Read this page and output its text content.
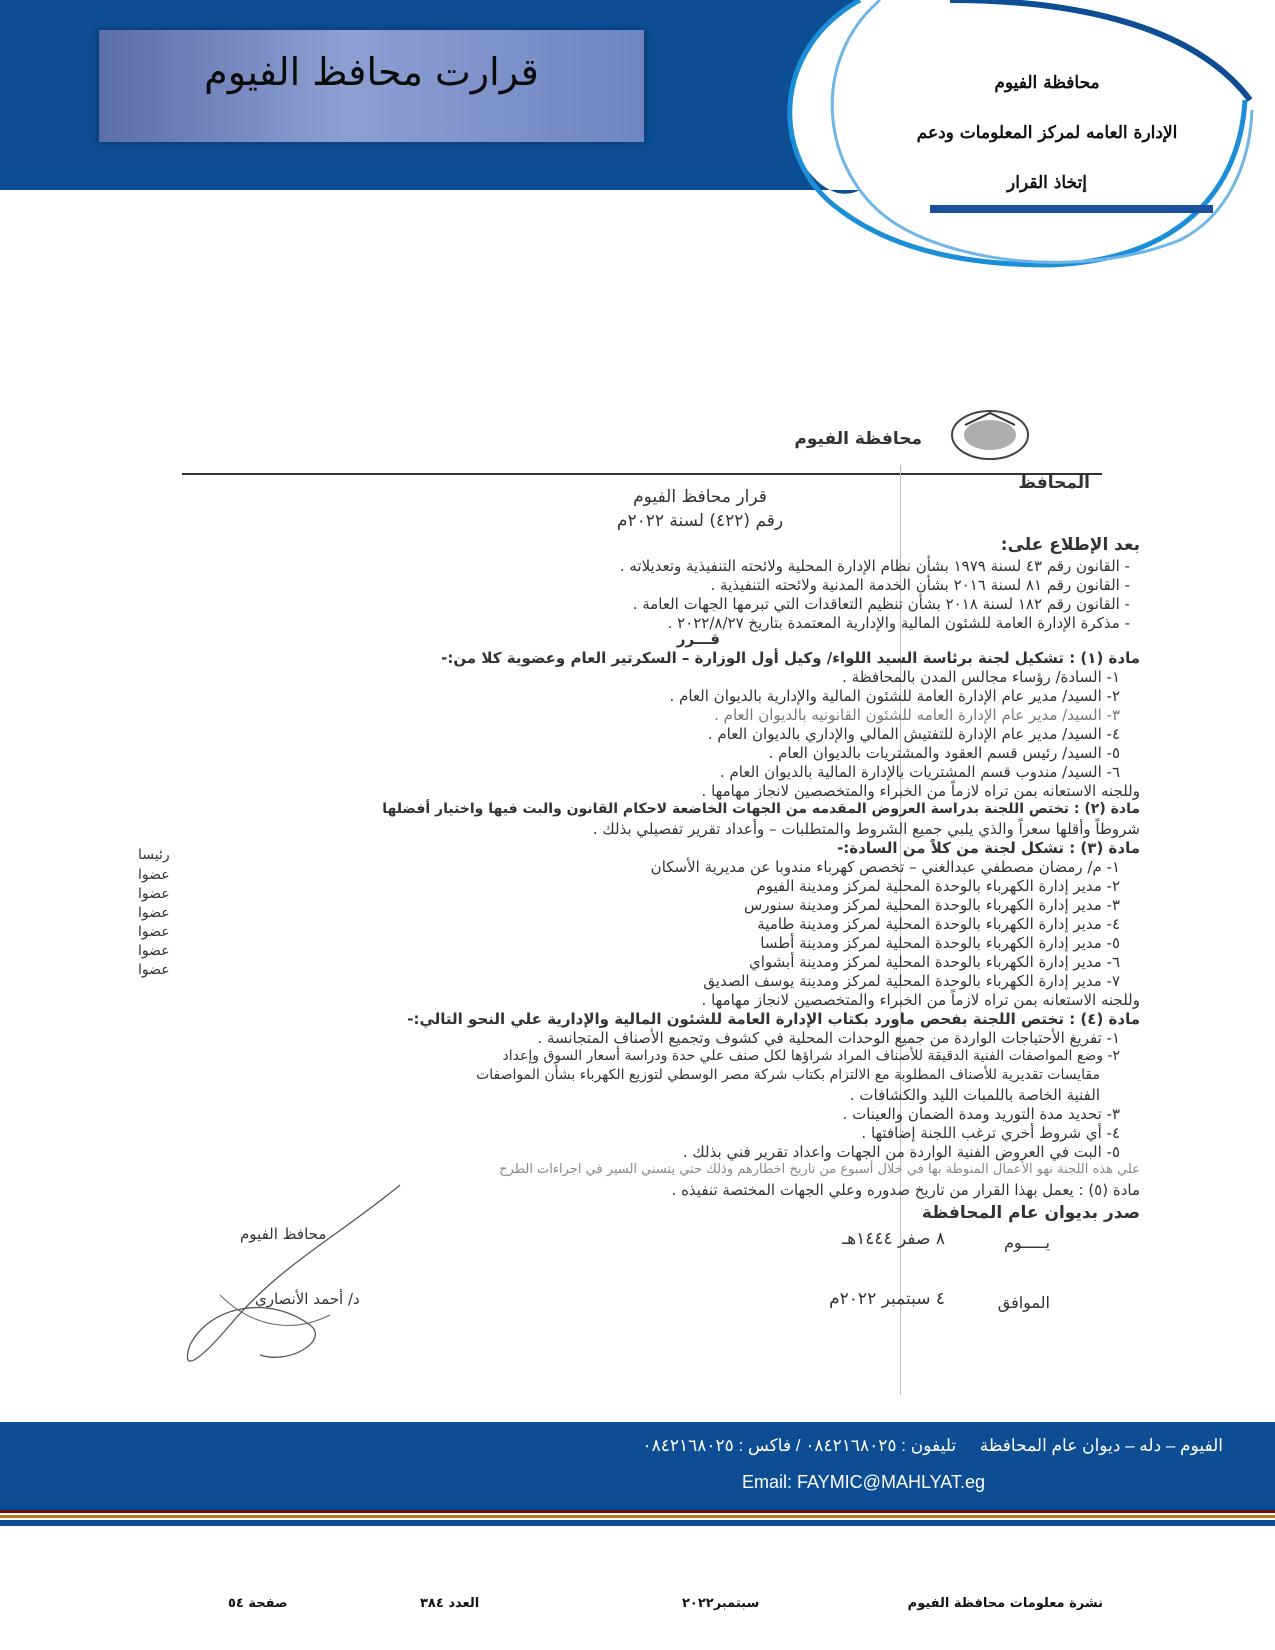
قرارت محافظ الفيوم	محافظة الفيوم
الإدارة العامه لمركز المعلومات ودعم
إتخاذ القرار
محافظة الفيوم
المحافظ
قرار محافظ الفيوم
رقم (٤٢٢) لسنة ٢٠٢٢م
بعد الإطلاع على:
- القانون رقم ٤٣ لسنة ١٩٧٩ بشأن نظام الإدارة المحلية ولائحته التنفيذية وتعديلاته .
- القانون رقم ٨١ لسنة ٢٠١٦ بشأن الخدمة المدنية ولائحته التنفيذية .
- القانون رقم ١٨٢ لسنة ٢٠١٨ بشأن تنظيم التعاقدات التي تبرمها الجهات العامة .
- مذكرة الإدارة العامة للشئون المالية والإدارية المعتمدة بتاريخ ٢٠٢٢/٨/٢٧ .
قـــرر
مادة (١) : تشكيل لجنة برئاسة السيد اللواء/ وكيل أول الوزارة – السكرتير العام وعضوية كلا من:-
١- السادة/ رؤساء مجالس المدن بالمحافظة .
٢- السيد/ مدير عام الإدارة العامة للشئون المالية والإدارية بالديوان العام .
٣- السيد/ مدير عام الإدارة العامه للشئون القانونيه بالديوان العام .
٤- السيد/ مدير عام الإدارة للتفتيش المالي والإداري بالديوان العام .
٥- السيد/ رئيس قسم العقود والمشتريات بالديوان العام .
٦- السيد/ مندوب قسم المشتريات بالإدارة المالية بالديوان العام .
وللجنه الاستعانه بمن تراه لازماً من الخبراء والمتخصصين لانجاز مهامها .
مادة (٢) : تختص اللجنة بدراسة العروض المقدمه من الجهات الخاضعة لاحكام القانون والبت فيها واختيار أفضلها
شروطاً وأقلها سعراً والذي يلبي جميع الشروط والمتطلبات – وأعداد تقرير تفصيلي بذلك .
مادة (٣) : تشكل لجنة من كلاً من السادة:-
١- م/ رمضان مصطفي عبدالغني – تخصص كهرباء مندوبا عن مديرية الأسكان
رئيسا
٢- مدير إدارة الكهرباء بالوحدة المحلية لمركز ومدينة الفيوم
عضوا
٣- مدير إدارة الكهرباء بالوحدة المحلية لمركز ومدينة سنورس
عضوا
٤- مدير إدارة الكهرباء بالوحدة المحلية لمركز ومدينة طامية
عضوا
٥- مدير إدارة الكهرباء بالوحدة المحلية لمركز ومدينة أطسا
عضوا
٦- مدير إدارة الكهرباء بالوحدة المحلية لمركز ومدينة أبشواي
عضوا
٧- مدير إدارة الكهرباء بالوحدة المحلية لمركز ومدينة يوسف الصديق
عضوا
وللجنه الاستعانه بمن تراه لازماً من الخبراء والمتخصصين لانجاز مهامها .
مادة (٤) : تختص اللجنة بفحص ماورد بكتاب الإدارة العامة للشئون المالية والإدارية علي النحو التالي:-
١- تفريغ الأحتياجات الواردة من جميع الوحدات المحلية في كشوف وتجميع الأصناف المتجانسة .
٢- وضع المواصفات الفنية الدقيقة للأصناف المراد شراؤها لكل صنف علي حدة ودراسة أسعار السوق وإعداد
مقايسات تقديرية للأصناف المطلوبة مع الالتزام بكتاب شركة مصر الوسطي لتوزيع الكهرباء بشأن المواصفات
الفنية الخاصة باللمبات الليد والكشافات .
٣- تحديد مدة التوريد ومدة الضمان والعينات .
٤- أي شروط أخري ترغب اللجنة إضافتها .
٥- البت في العروض الفنية الواردة من الجهات واعداد تقرير فني بذلك .
علي هذه اللجنة نهو الأعمال المنوطة بها في خلال أسبوع من تاريخ اخطارهم وذلك حتي يتسني السير في اجراءات الطرح
مادة (٥) : يعمل بهذا القرار من تاريخ صدوره وعلي الجهات المختصة تنفيذه .
صدر بديوان عام المحافظة
يـــــوم
٨ صفر ١٤٤٤هـ
الموافق
٤ سبتمبر ٢٠٢٢م
محافظ الفيوم
د/ أحمد الأنصاري
الفيوم – دله – ديوان عام المحافظة     تليفون : ٠٨٤٢١٦٨٠٢٥ / فاكس : ٠٨٤٢١٦٨٠٢٥
Email: FAYMIC@MAHLYAT.eg
نشرة معلومات محافظة الفيوم
سبتمبر٢٠٢٢
العدد ٣٨٤
صفحة ٥٤
